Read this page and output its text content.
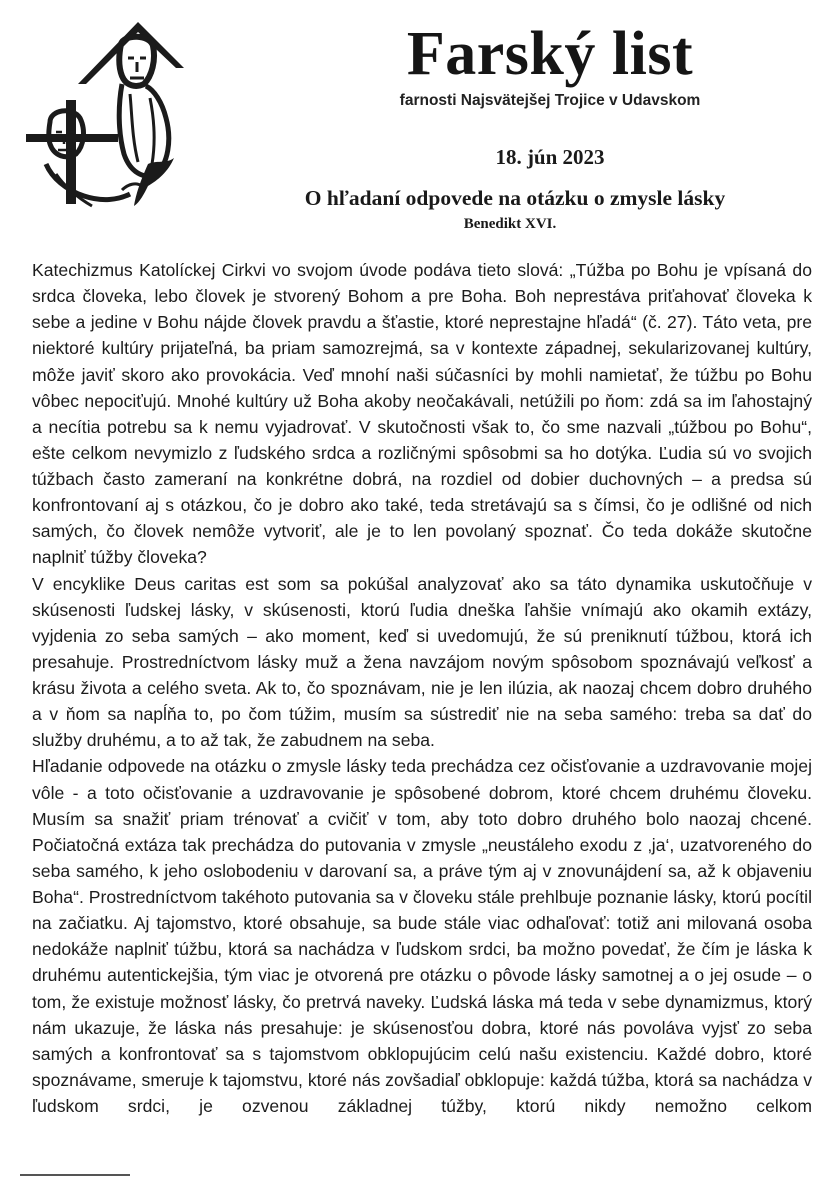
Farský list
farnosti Najsvätejšej Trojice v Udavskom
18. jún 2023
O hľadaní odpovede na otázku o zmysle lásky
Benedikt XVI.

Katechizmus Katolíckej Cirkvi vo svojom úvode podáva tieto slová: „Túžba po Bohu je vpísaná do srdca človeka, lebo človek je stvorený Bohom a pre Boha. Boh neprestáva priťahovať človeka k sebe a jedine v Bohu nájde človek pravdu a šťastie, ktoré neprestajne hľadá“ (č. 27). Táto veta, pre niektoré kultúry prijateľná, ba priam samozrejmá, sa v kontexte západnej, sekularizovanej kultúry, môže javiť skoro ako provokácia. Veď mnohí naši súčasníci by mohli namietať, že túžbu po Bohu vôbec nepociťujú. Mnohé kultúry už Boha akoby neočakávali, netúžili po ňom: zdá sa im ľahostajný a necítia potrebu sa k nemu vyjadrovať. V skutočnosti však to, čo sme nazvali „túžbou po Bohu“, ešte celkom nevymizlo z ľudského srdca a rozličnými spôsobmi sa ho dotýka. Ľudia sú vo svojich túžbach často zameraní na konkrétne dobrá, na rozdiel od dobier duchovných – a predsa sú konfrontovaní aj s otázkou, čo je dobro ako také, teda stretávajú sa s čímsi, čo je odlišné od nich samých, čo človek nemôže vytvoriť, ale je to len povolaný spoznať. Čo teda dokáže skutočne naplniť túžby človeka?

V encyklike Deus caritas est som sa pokúšal analyzovať ako sa táto dynamika uskutočňuje v skúsenosti ľudskej lásky, v skúsenosti, ktorú ľudia dneška ľahšie vnímajú ako okamih extázy, vyjdenia zo seba samých – ako moment, keď si uvedomujú, že sú preniknutí túžbou, ktorá ich presahuje. Prostredníctvom lásky muž a žena navzájom novým spôsobom spoznávajú veľkosť a krásu života a celého sveta. Ak to, čo spoznávam, nie je len ilúzia, ak naozaj chcem dobro druhého a v ňom sa napĺňa to, po čom túžim, musím sa sústrediť nie na seba samého: treba sa dať do služby druhému, a to až tak, že zabudnem na seba.

Hľadanie odpovede na otázku o zmysle lásky teda prechádza cez očisťovanie a uzdravovanie mojej vôle - a toto očisťovanie a uzdravovanie je spôsobené dobrom, ktoré chcem druhému človeku. Musím sa snažiť priam trénovať a cvičiť v tom, aby toto dobro druhého bolo naozaj chcené. Počiatočná extáza tak prechádza do putovania v zmysle „neustáleho exodu z ‚ja‘, uzatvoreného do seba samého, k jeho oslobodeniu v darovaní sa, a práve tým aj v znovunájdení sa, až k objaveniu Boha“. Prostredníctvom takéhoto putovania sa v človeku stále prehlbuje poznanie lásky, ktorú pocítil na začiatku. Aj tajomstvo, ktoré obsahuje, sa bude stále viac odhaľovať: totiž ani milovaná osoba nedokáže naplniť túžbu, ktorá sa nachádza v ľudskom srdci, ba možno povedať, že čím je láska k druhému autentickejšia, tým viac je otvorená pre otázku o pôvode lásky samotnej a o jej osude – o tom, že existuje možnosť lásky, čo pretrvá naveky. Ľudská láska má teda v sebe dynamizmus, ktorý nám ukazuje, že láska nás presahuje: je skúsenosťou dobra, ktoré nás povoláva vyjsť zo seba samých a konfrontovať sa s tajomstvom obklopujúcim celú našu existenciu. Každé dobro, ktoré spoznávame, smeruje k tajomstvu, ktoré nás zovšadiaľ obklopuje: každá túžba, ktorá sa nachádza v ľudskom srdci, je ozvenou základnej túžby, ktorú nikdy nemožno celkom
